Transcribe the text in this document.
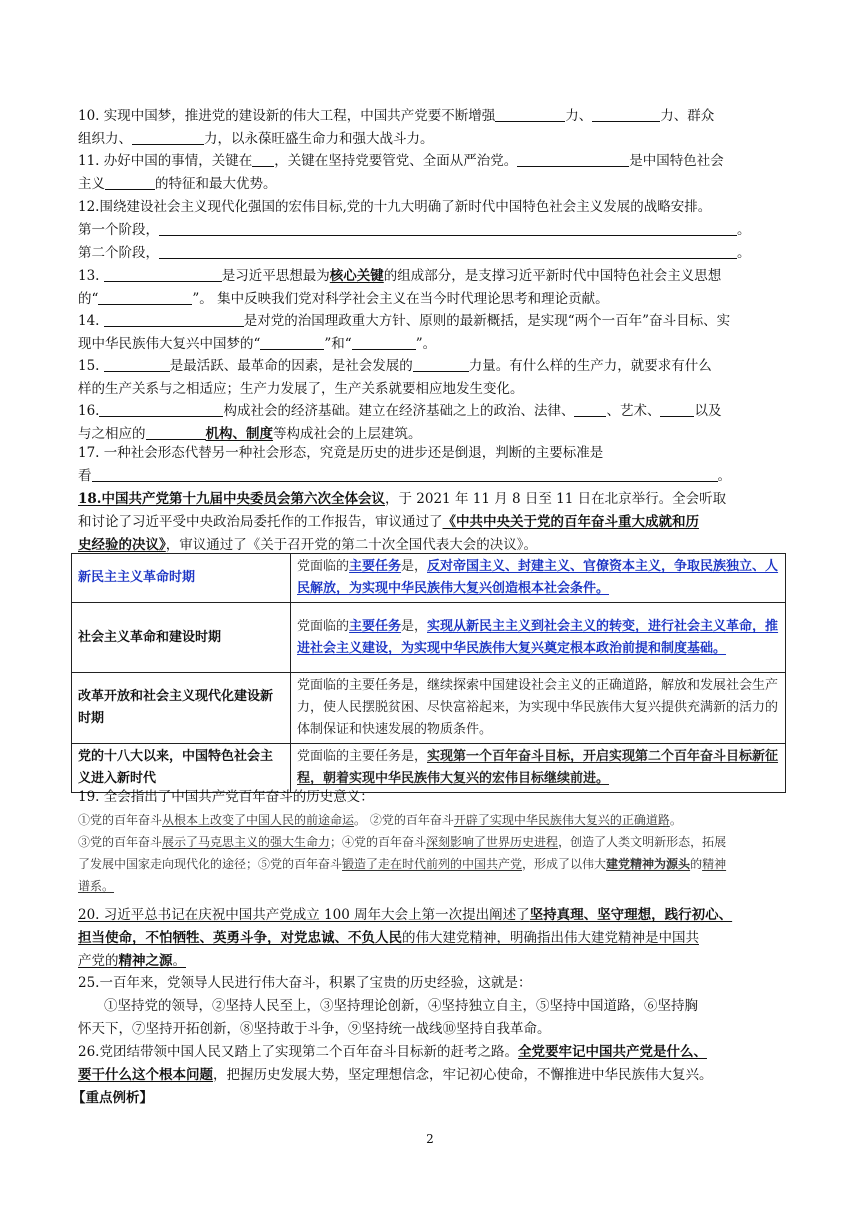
10. 实现中国梦，推进党的建设新的伟大工程，中国共产党要不断增强	力、	力、群众
组织力、	力，以永葆旺盛生命力和强大战斗力。
11. 办好中国的事情，关键在 ，关键在坚持党要管党、全面从严治党。	是中国特色社会
主义	的特征和最大优势。
12.围绕建设社会主义现代化强国的宏伟目标,党的十九大明确了新时代中国特色社会主义发展的战略安排。
第一个阶段，	。
第二个阶段，	。
13.	是习近平思想最为核心关键的组成部分，是支撑习近平新时代中国特色社会主义思想
的“	”。 集中反映我们党对科学社会主义在当今时代理论思考和理论贡献。
14.	是对党的治国理政重大方针、原则的最新概括，是实现“两个一百年”奋斗目标、实
现中华民族伟大复兴中国梦的“	”和“	”。
15.	是最活跃、最革命的因素，是社会发展的	力量。有什么样的生产力，就要求有什么
样的生产关系与之相适应；生产力发展了，生产关系就要相应地发生变化。
16.	构成社会的经济基础。建立在经济基础之上的政治、法律、 、艺术、	以及
与之相应的	机构、制度等构成社会的上层建筑。
17. 一种社会形态代替另一种社会形态，究竟是历史的进步还是倒退，判断的主要标准是
看	。
18.中国共产党第十九届中央委员会第六次全体会议，于 2021 年 11 月 8 日至 11 日在北京举行。全会听取
和讨论了习近平受中央政治局委托作的工作报告，审议通过了《中共中央关于党的百年奋斗重大成就和历
史经验的决议》，审议通过了《关于召开党的第二十次全国代表大会的决议》。
新民主主义革命时期	党面临的主要任务是，反对帝国主义、封建主义、官僚资本主义，争取民族独立、人民解放，为实现中华民族伟大复兴创造根本社会条件。
社会主义革命和建设时期	党面临的主要任务是，实现从新民主主义到社会主义的转变，进行社会主义革命，推进社会主义建设，为实现中华民族伟大复兴奠定根本政治前提和制度基础。
改革开放和社会主义现代化建设新时期	党面临的主要任务是，继续探索中国建设社会主义的正确道路，解放和发展社会生产力，使人民摆脱贫困、尽快富裕起来，为实现中华民族伟大复兴提供充满新的活力的体制保证和快速发展的物质条件。
党的十八大以来，中国特色社会主义进入新时代	党面临的主要任务是，实现第一个百年奋斗目标，开启实现第二个百年奋斗目标新征程，朝着实现中华民族伟大复兴的宏伟目标继续前进。
19. 全会指出了中国共产党百年奋斗的历史意义：
①党的百年奋斗从根本上改变了中国人民的前途命运。 ②党的百年奋斗开辟了实现中华民族伟大复兴的正确道路。
③党的百年奋斗展示了马克思主义的强大生命力；④党的百年奋斗深刻影响了世界历史进程，创造了人类文明新形态，拓展
了发展中国家走向现代化的途径；⑤党的百年奋斗锻造了走在时代前列的中国共产党，形成了以伟大建党精神为源头的精神
谱系。
20. 习近平总书记在庆祝中国共产党成立 100 周年大会上第一次提出阐述了坚持真理、坚守理想，践行初心、
担当使命，不怕牺牲、英勇斗争，对党忠诚、不负人民的伟大建党精神，明确指出伟大建党精神是中国共
产党的精神之源。
25.一百年来，党领导人民进行伟大奋斗，积累了宝贵的历史经验，这就是：
①坚持党的领导，②坚持人民至上，③坚持理论创新，④坚持独立自主，⑤坚持中国道路，⑥坚持胸
怀天下，⑦坚持开拓创新，⑧坚持敢于斗争，⑨坚持统一战线⑩坚持自我革命。
26.党团结带领中国人民又踏上了实现第二个百年奋斗目标新的赶考之路。全党要牢记中国共产党是什么、
要干什么这个根本问题，把握历史发展大势，坚定理想信念，牢记初心使命，不懈推进中华民族伟大复兴。
【重点例析】
2
